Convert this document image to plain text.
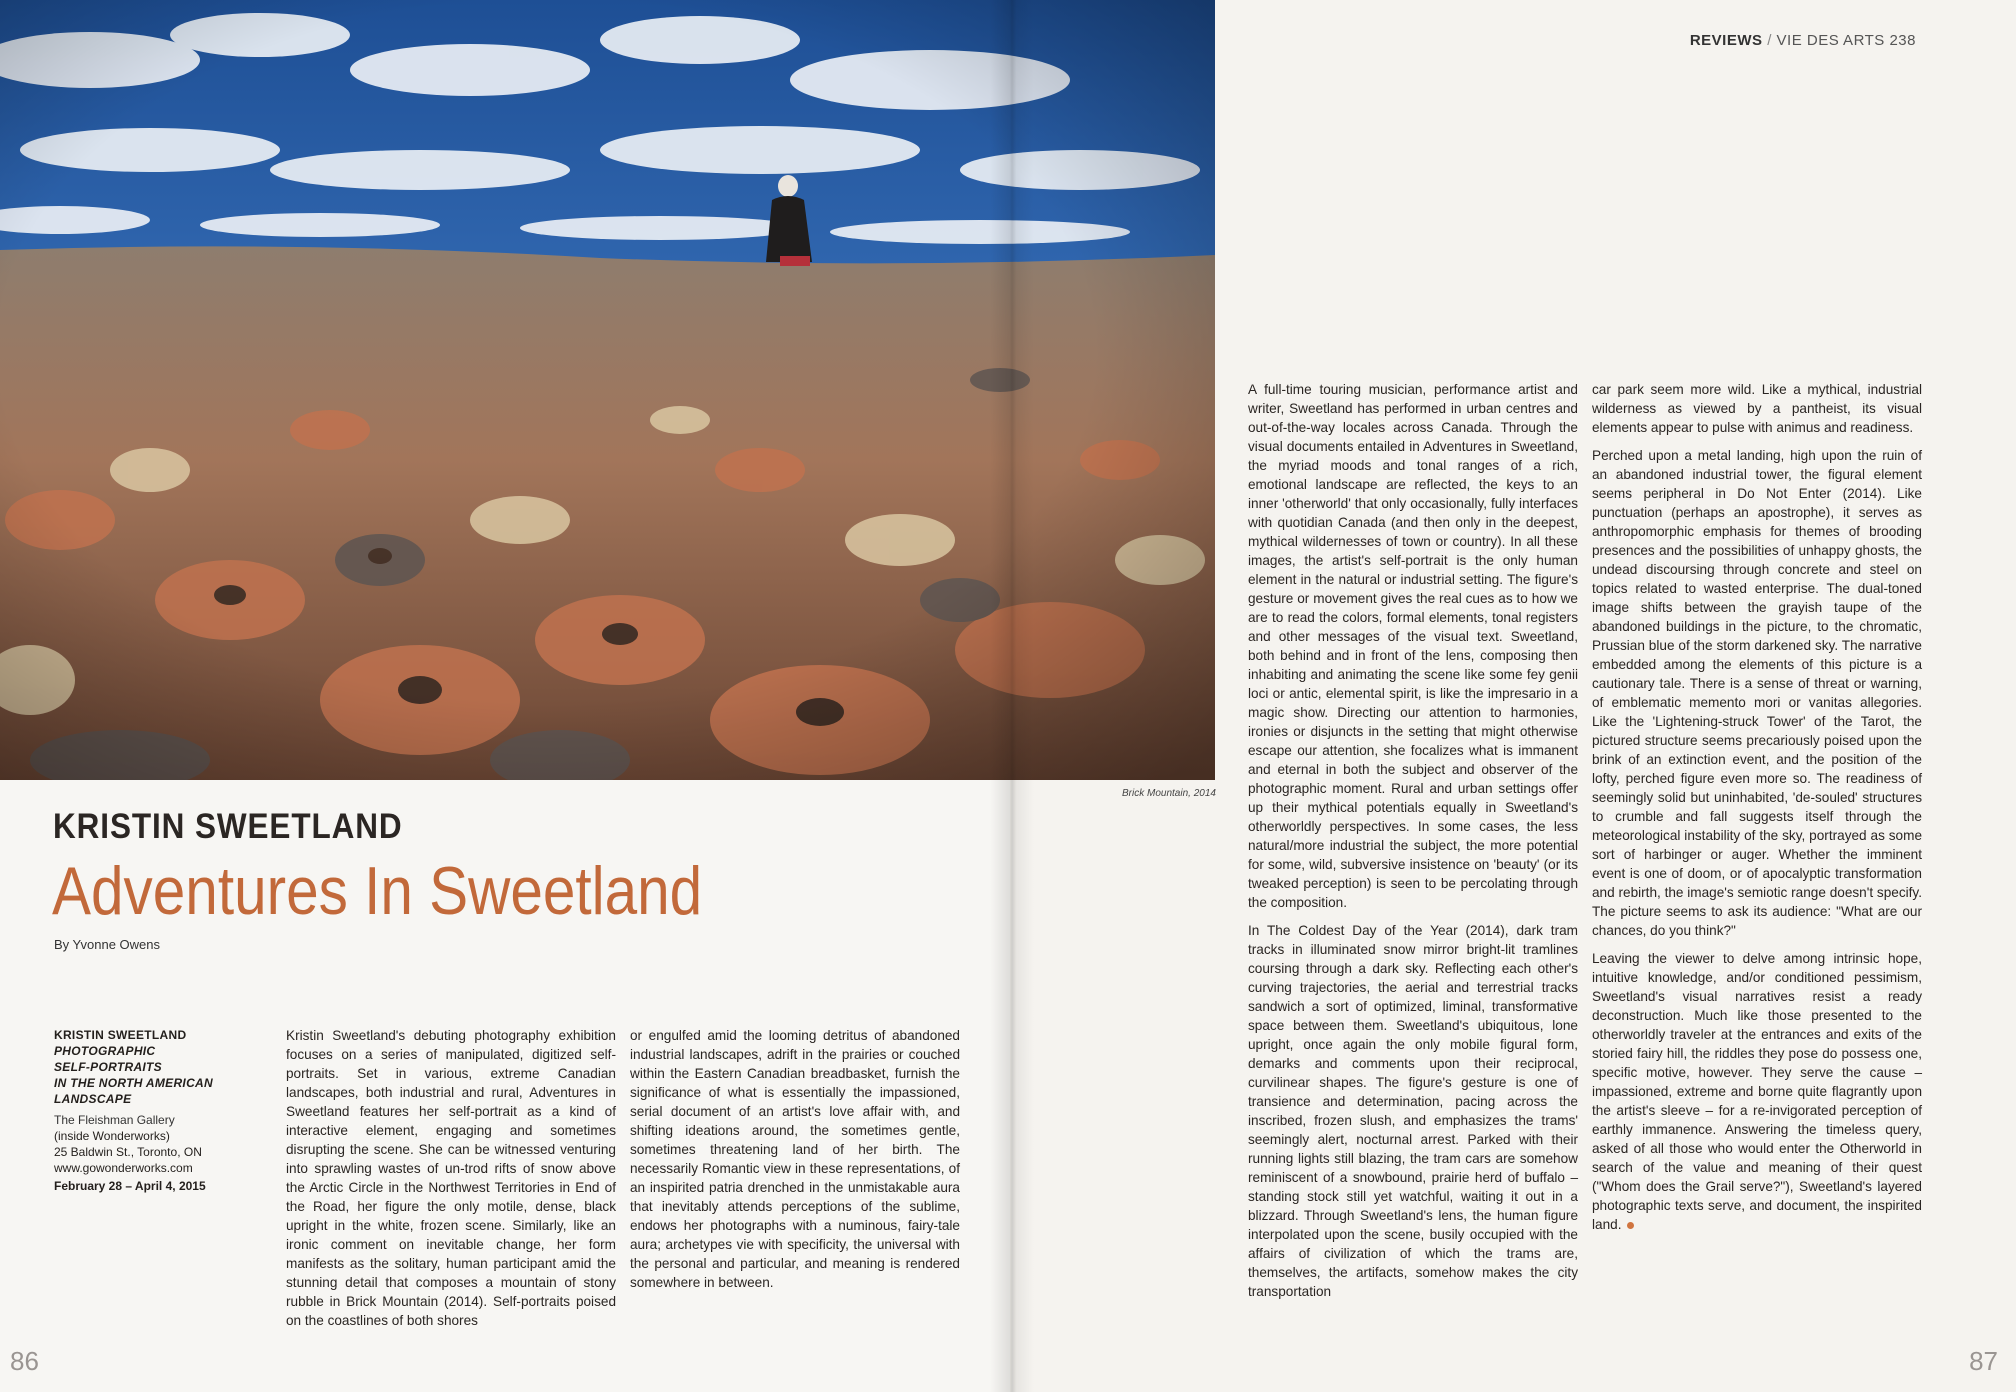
REVIEWS / VIE DES ARTS 238
Brick Mountain, 2014
KRISTIN SWEETLAND
Adventures In Sweetland
By Yvonne Owens
KRISTIN SWEETLAND
PHOTOGRAPHIC
SELF-PORTRAITS
IN THE NORTH AMERICAN
LANDSCAPE
The Fleishman Gallery
(inside Wonderworks)
25 Baldwin St., Toronto, ON
www.gowonderworks.com
February 28 – April 4, 2015

Kristin Sweetland's debuting photography exhibition focuses on a series of manipulated, digitized self-portraits. Set in various, extreme Canadian landscapes, both industrial and rural, Adventures in Sweetland features her self-portrait as a kind of interactive element, engaging and sometimes disrupting the scene. She can be witnessed venturing into sprawling wastes of un-trod rifts of snow above the Arctic Circle in the Northwest Territories in End of the Road, her figure the only motile, dense, black upright in the white, frozen scene. Similarly, like an ironic comment on inevitable change, her form manifests as the solitary, human participant amid the stunning detail that composes a mountain of stony rubble in Brick Mountain (2014). Self-portraits poised on the coastlines of both shores

or engulfed amid the looming detritus of abandoned industrial landscapes, adrift in the prairies or couched within the Eastern Canadian breadbasket, furnish the significance of what is essentially the impassioned, serial document of an artist's love affair with, and shifting ideations around, the sometimes gentle, sometimes threatening land of her birth. The necessarily Romantic view in these representations, of an inspirited patria drenched in the unmistakable aura that inevitably attends perceptions of the sublime, endows her photographs with a numinous, fairy-tale aura; archetypes vie with specificity, the universal with the personal and particular, and meaning is rendered somewhere in between.

A full-time touring musician, performance artist and writer, Sweetland has performed in urban centres and out-of-the-way locales across Canada. Through the visual documents entailed in Adventures in Sweetland, the myriad moods and tonal ranges of a rich, emotional landscape are reflected, the keys to an inner 'otherworld' that only occasionally, fully interfaces with quotidian Canada (and then only in the deepest, mythical wildernesses of town or country). In all these images, the artist's self-portrait is the only human element in the natural or industrial setting. The figure's gesture or movement gives the real cues as to how we are to read the colors, formal elements, tonal registers and other messages of the visual text. Sweetland, both behind and in front of the lens, composing then inhabiting and animating the scene like some fey genii loci or antic, elemental spirit, is like the impresario in a magic show. Directing our attention to harmonies, ironies or disjuncts in the setting that might otherwise escape our attention, she focalizes what is immanent and eternal in both the subject and observer of the photographic moment. Rural and urban settings offer up their mythical potentials equally in Sweetland's otherworldly perspectives. In some cases, the less natural/more industrial the subject, the more potential for some, wild, subversive insistence on 'beauty' (or its tweaked perception) is seen to be percolating through the composition.

In The Coldest Day of the Year (2014), dark tram tracks in illuminated snow mirror bright-lit tramlines coursing through a dark sky. Reflecting each other's curving trajectories, the aerial and terrestrial tracks sandwich a sort of optimized, liminal, transformative space between them. Sweetland's ubiquitous, lone upright, once again the only mobile figural form, demarks and comments upon their reciprocal, curvilinear shapes. The figure's gesture is one of transience and determination, pacing across the inscribed, frozen slush, and emphasizes the trams' seemingly alert, nocturnal arrest. Parked with their running lights still blazing, the tram cars are somehow reminiscent of a snowbound, prairie herd of buffalo – standing stock still yet watchful, waiting it out in a blizzard. Through Sweetland's lens, the human figure interpolated upon the scene, busily occupied with the affairs of civilization of which the trams are, themselves, the artifacts, somehow makes the city transportation

car park seem more wild. Like a mythical, industrial wilderness as viewed by a pantheist, its visual elements appear to pulse with animus and readiness.

Perched upon a metal landing, high upon the ruin of an abandoned industrial tower, the figural element seems peripheral in Do Not Enter (2014). Like punctuation (perhaps an apostrophe), it serves as anthropomorphic emphasis for themes of brooding presences and the possibilities of unhappy ghosts, the undead discoursing through concrete and steel on topics related to wasted enterprise. The dual-toned image shifts between the grayish taupe of the abandoned buildings in the picture, to the chromatic, Prussian blue of the storm darkened sky. The narrative embedded among the elements of this picture is a cautionary tale. There is a sense of threat or warning, of emblematic memento mori or vanitas allegories. Like the 'Lightening-struck Tower' of the Tarot, the pictured structure seems precariously poised upon the brink of an extinction event, and the position of the lofty, perched figure even more so. The readiness of seemingly solid but uninhabited, 'de-souled' structures to crumble and fall suggests itself through the meteorological instability of the sky, portrayed as some sort of harbinger or auger. Whether the imminent event is one of doom, or of apocalyptic transformation and rebirth, the image's semiotic range doesn't specify. The picture seems to ask its audience: "What are our chances, do you think?"

Leaving the viewer to delve among intrinsic hope, intuitive knowledge, and/or conditioned pessimism, Sweetland's visual narratives resist a ready deconstruction. Much like those presented to the otherworldly traveler at the entrances and exits of the storied fairy hill, the riddles they pose do possess one, specific motive, however. They serve the cause – impassioned, extreme and borne quite flagrantly upon the artist's sleeve – for a re-invigorated perception of earthly immanence. Answering the timeless query, asked of all those who would enter the Otherworld in search of the value and meaning of their quest ("Whom does the Grail serve?"), Sweetland's layered photographic texts serve, and document, the inspirited land.

86	87
